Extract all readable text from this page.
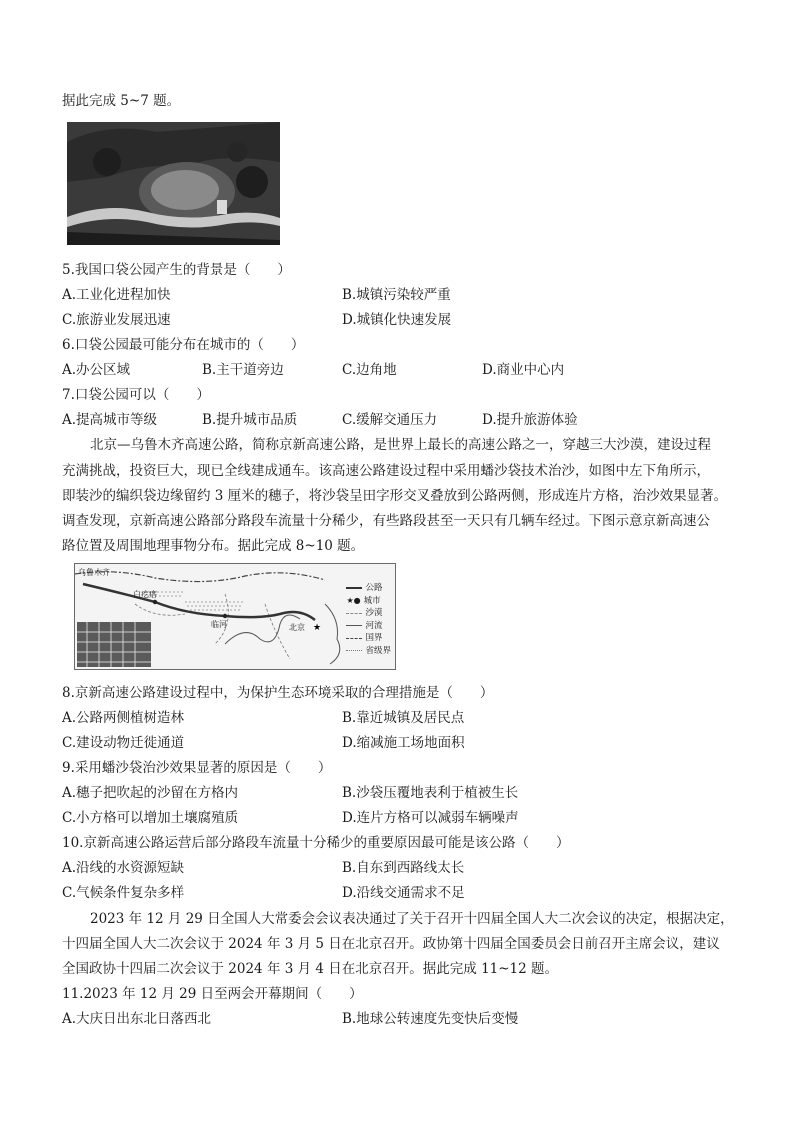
据此完成 5~7 题。
5.我国口袋公园产生的背景是（　　）
A.工业化进程加快	B.城镇污染较严重
C.旅游业发展迅速	D.城镇化快速发展
6.口袋公园最可能分布在城市的（　　）
A.办公区域	B.主干道旁边	C.边角地	D.商业中心内
7.口袋公园可以（　　）
A.提高城市等级	B.提升城市品质	C.缓解交通压力	D.提升旅游体验
北京—乌鲁木齐高速公路，简称京新高速公路，是世界上最长的高速公路之一，穿越三大沙漠，建设过程
充满挑战，投资巨大，现已全线建成通车。该高速公路建设过程中采用蟠沙袋技术治沙，如图中左下角所示，
即装沙的编织袋边缘留约 3 厘米的穗子，将沙袋呈田字形交叉叠放到公路两侧，形成连片方格，治沙效果显著。
调查发现，京新高速公路部分路段车流量十分稀少，有些路段甚至一天只有几辆车经过。下图示意京新高速公
路位置及周围地理事物分布。据此完成 8~10 题。
★
乌鲁木齐
白疙瘩
临河	北京
公路
★● 城市
沙漠
河流
国界
省级界
8.京新高速公路建设过程中，为保护生态环境采取的合理措施是（　　）
A.公路两侧植树造林	B.靠近城镇及居民点
C.建设动物迁徙通道	D.缩减施工场地面积
9.采用蟠沙袋治沙效果显著的原因是（　　）
A.穗子把吹起的沙留在方格内	B.沙袋压覆地表利于植被生长
C.小方格可以增加土壤腐殖质	D.连片方格可以减弱车辆噪声
10.京新高速公路运营后部分路段车流量十分稀少的重要原因最可能是该公路（　　）
A.沿线的水资源短缺	B.自东到西路线太长
C.气候条件复杂多样	D.沿线交通需求不足
2023 年 12 月 29 日全国人大常委会会议表决通过了关于召开十四届全国人大二次会议的决定，根据决定，
十四届全国人大二次会议于 2024 年 3 月 5 日在北京召开。政协第十四届全国委员会日前召开主席会议，建议
全国政协十四届二次会议于 2024 年 3 月 4 日在北京召开。据此完成 11~12 题。
11.2023 年 12 月 29 日至两会开幕期间（　　）
A.大庆日出东北日落西北	B.地球公转速度先变快后变慢
